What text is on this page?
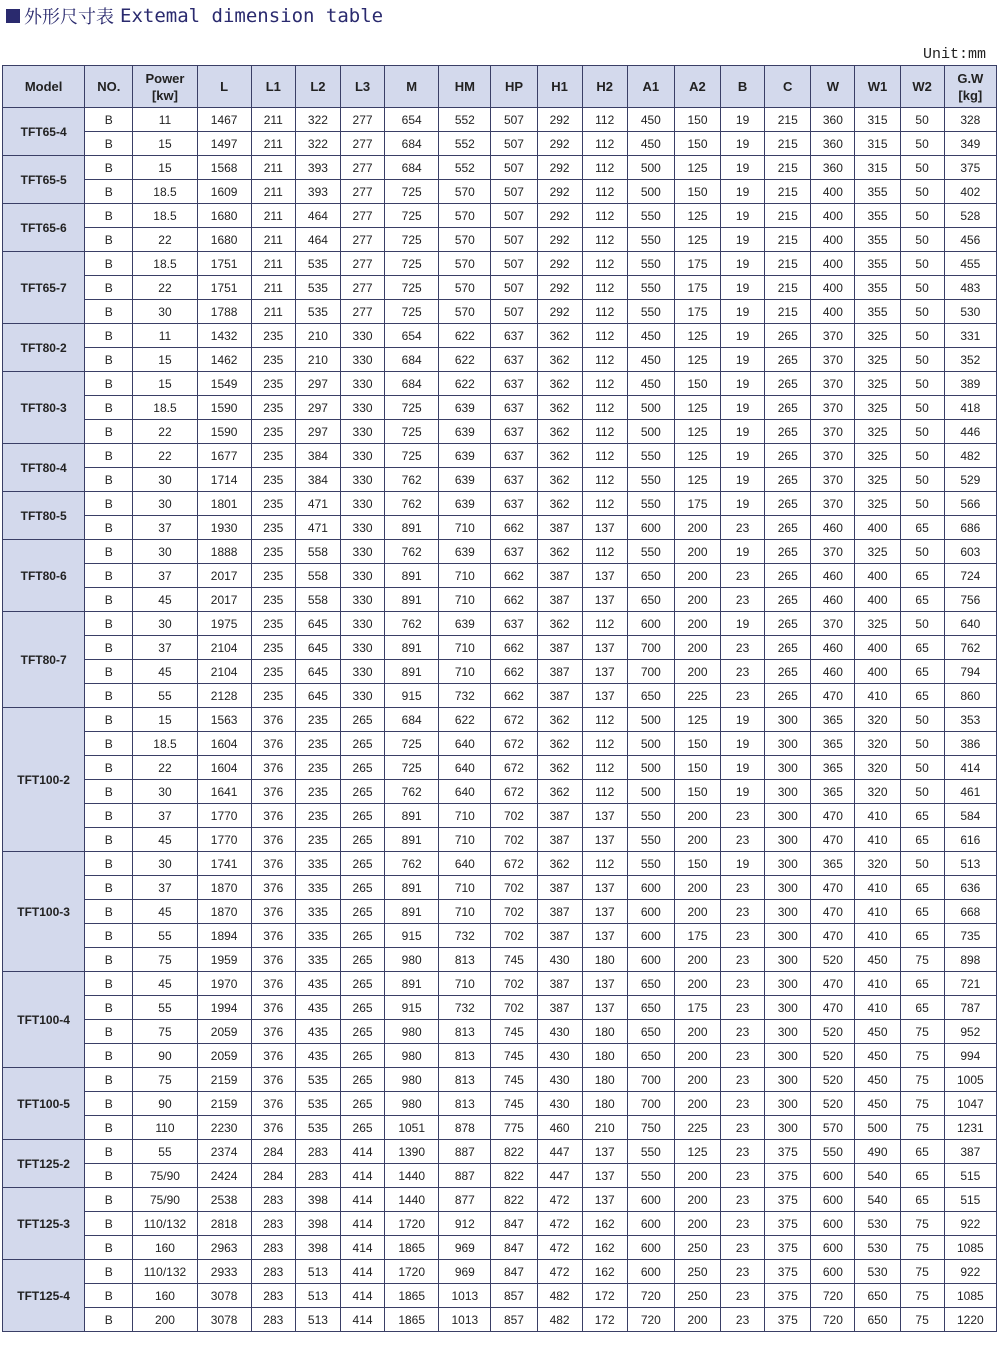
外形尺寸表 Extemal dimension table
Unit:mm
Model	NO.	Power
[kw]	L	L1	L2	L3	M	HM	HP	H1	H2	A1	A2	B	C	W	W1	W2	G.W
[kg]
TFT65-4	B	11	1467	211	322	277	654	552	507	292	112	450	150	19	215	360	315	50	328
	B	15	1497	211	322	277	684	552	507	292	112	450	150	19	215	360	315	50	349
TFT65-5	B	15	1568	211	393	277	684	552	507	292	112	500	125	19	215	360	315	50	375
	B	18.5	1609	211	393	277	725	570	507	292	112	500	150	19	215	400	355	50	402
TFT65-6	B	18.5	1680	211	464	277	725	570	507	292	112	550	125	19	215	400	355	50	528
	B	22	1680	211	464	277	725	570	507	292	112	550	125	19	215	400	355	50	456
TFT65-7	B	18.5	1751	211	535	277	725	570	507	292	112	550	175	19	215	400	355	50	455
	B	22	1751	211	535	277	725	570	507	292	112	550	175	19	215	400	355	50	483
	B	30	1788	211	535	277	725	570	507	292	112	550	175	19	215	400	355	50	530
TFT80-2	B	11	1432	235	210	330	654	622	637	362	112	450	125	19	265	370	325	50	331
	B	15	1462	235	210	330	684	622	637	362	112	450	125	19	265	370	325	50	352
TFT80-3	B	15	1549	235	297	330	684	622	637	362	112	450	150	19	265	370	325	50	389
	B	18.5	1590	235	297	330	725	639	637	362	112	500	125	19	265	370	325	50	418
	B	22	1590	235	297	330	725	639	637	362	112	500	125	19	265	370	325	50	446
TFT80-4	B	22	1677	235	384	330	725	639	637	362	112	550	125	19	265	370	325	50	482
	B	30	1714	235	384	330	762	639	637	362	112	550	125	19	265	370	325	50	529
TFT80-5	B	30	1801	235	471	330	762	639	637	362	112	550	175	19	265	370	325	50	566
	B	37	1930	235	471	330	891	710	662	387	137	600	200	23	265	460	400	65	686
TFT80-6	B	30	1888	235	558	330	762	639	637	362	112	550	200	19	265	370	325	50	603
	B	37	2017	235	558	330	891	710	662	387	137	650	200	23	265	460	400	65	724
	B	45	2017	235	558	330	891	710	662	387	137	650	200	23	265	460	400	65	756
TFT80-7	B	30	1975	235	645	330	762	639	637	362	112	600	200	19	265	370	325	50	640
	B	37	2104	235	645	330	891	710	662	387	137	700	200	23	265	460	400	65	762
	B	45	2104	235	645	330	891	710	662	387	137	700	200	23	265	460	400	65	794
	B	55	2128	235	645	330	915	732	662	387	137	650	225	23	265	470	410	65	860
TFT100-2	B	15	1563	376	235	265	684	622	672	362	112	500	125	19	300	365	320	50	353
	B	18.5	1604	376	235	265	725	640	672	362	112	500	150	19	300	365	320	50	386
	B	22	1604	376	235	265	725	640	672	362	112	500	150	19	300	365	320	50	414
	B	30	1641	376	235	265	762	640	672	362	112	500	150	19	300	365	320	50	461
	B	37	1770	376	235	265	891	710	702	387	137	550	200	23	300	470	410	65	584
	B	45	1770	376	235	265	891	710	702	387	137	550	200	23	300	470	410	65	616
TFT100-3	B	30	1741	376	335	265	762	640	672	362	112	550	150	19	300	365	320	50	513
	B	37	1870	376	335	265	891	710	702	387	137	600	200	23	300	470	410	65	636
	B	45	1870	376	335	265	891	710	702	387	137	600	200	23	300	470	410	65	668
	B	55	1894	376	335	265	915	732	702	387	137	600	175	23	300	470	410	65	735
	B	75	1959	376	335	265	980	813	745	430	180	600	200	23	300	520	450	75	898
TFT100-4	B	45	1970	376	435	265	891	710	702	387	137	650	200	23	300	470	410	65	721
	B	55	1994	376	435	265	915	732	702	387	137	650	175	23	300	470	410	65	787
	B	75	2059	376	435	265	980	813	745	430	180	650	200	23	300	520	450	75	952
	B	90	2059	376	435	265	980	813	745	430	180	650	200	23	300	520	450	75	994
TFT100-5	B	75	2159	376	535	265	980	813	745	430	180	700	200	23	300	520	450	75	1005
	B	90	2159	376	535	265	980	813	745	430	180	700	200	23	300	520	450	75	1047
	B	110	2230	376	535	265	1051	878	775	460	210	750	225	23	300	570	500	75	1231
TFT125-2	B	55	2374	284	283	414	1390	887	822	447	137	550	125	23	375	550	490	65	387
	B	75/90	2424	284	283	414	1440	887	822	447	137	550	200	23	375	600	540	65	515
TFT125-3	B	75/90	2538	283	398	414	1440	877	822	472	137	600	200	23	375	600	540	65	515
	B	110/132	2818	283	398	414	1720	912	847	472	162	600	200	23	375	600	530	75	922
	B	160	2963	283	398	414	1865	969	847	472	162	600	250	23	375	600	530	75	1085
TFT125-4	B	110/132	2933	283	513	414	1720	969	847	472	162	600	250	23	375	600	530	75	922
	B	160	3078	283	513	414	1865	1013	857	482	172	720	250	23	375	720	650	75	1085
	B	200	3078	283	513	414	1865	1013	857	482	172	720	200	23	375	720	650	75	1220
